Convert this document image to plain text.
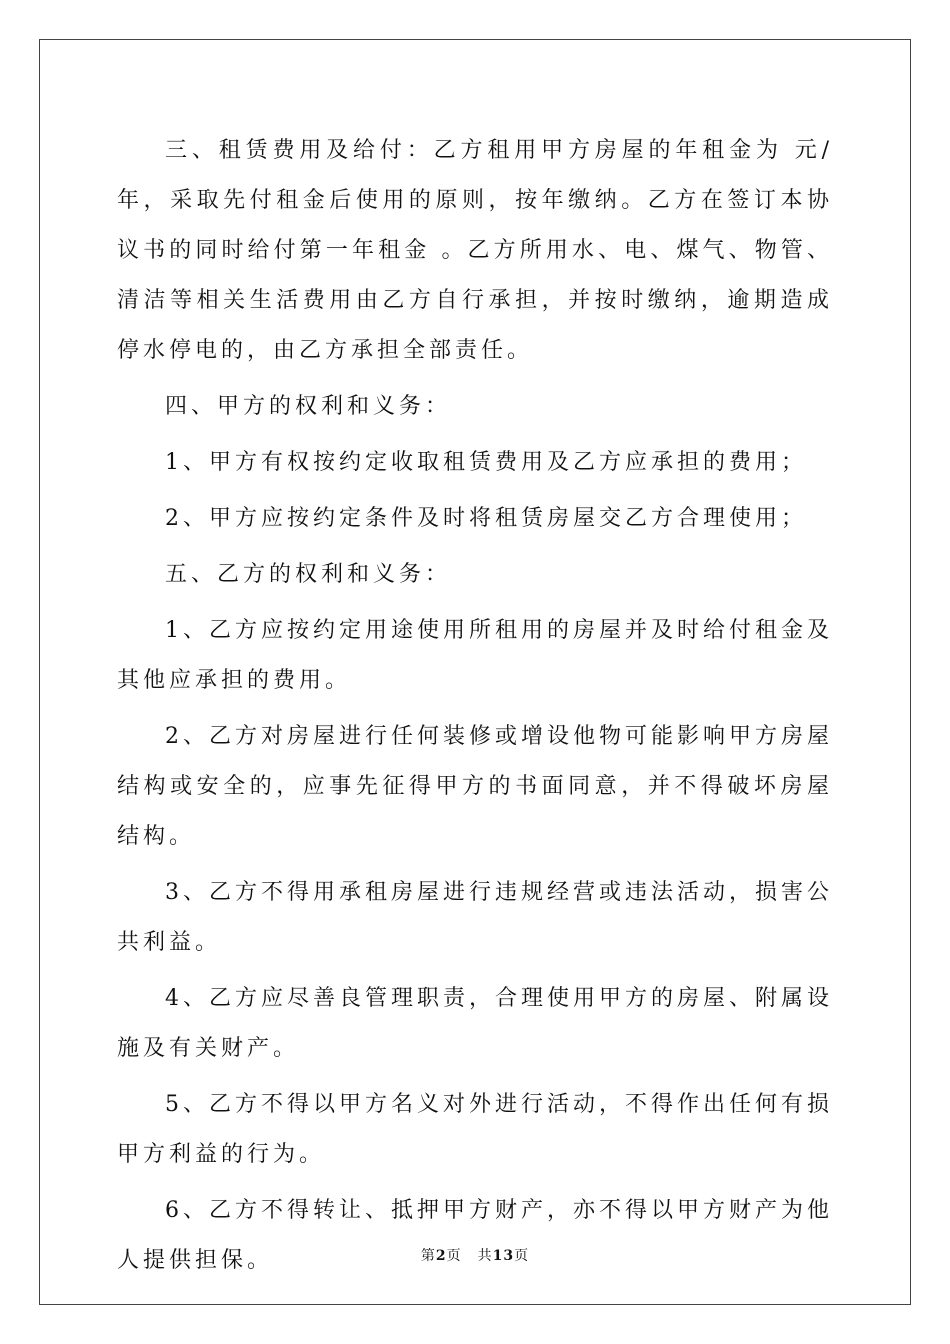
三、租赁费用及给付：乙方租用甲方房屋的年租金为 元/年，采取先付租金后使用的原则，按年缴纳。乙方在签订本协议书的同时给付第一年租金 。乙方所用水、电、煤气、物管、清洁等相关生活费用由乙方自行承担，并按时缴纳，逾期造成停水停电的，由乙方承担全部责任。

四、甲方的权利和义务：

1、甲方有权按约定收取租赁费用及乙方应承担的费用；

2、甲方应按约定条件及时将租赁房屋交乙方合理使用；

五、乙方的权利和义务：

1、乙方应按约定用途使用所租用的房屋并及时给付租金及其他应承担的费用。

2、乙方对房屋进行任何装修或增设他物可能影响甲方房屋结构或安全的，应事先征得甲方的书面同意，并不得破坏房屋结构。

3、乙方不得用承租房屋进行违规经营或违法活动，损害公共利益。

4、乙方应尽善良管理职责，合理使用甲方的房屋、附属设施及有关财产。

5、乙方不得以甲方名义对外进行活动，不得作出任何有损甲方利益的行为。

6、乙方不得转让、抵押甲方财产，亦不得以甲方财产为他人提供担保。	第2页 共13页
